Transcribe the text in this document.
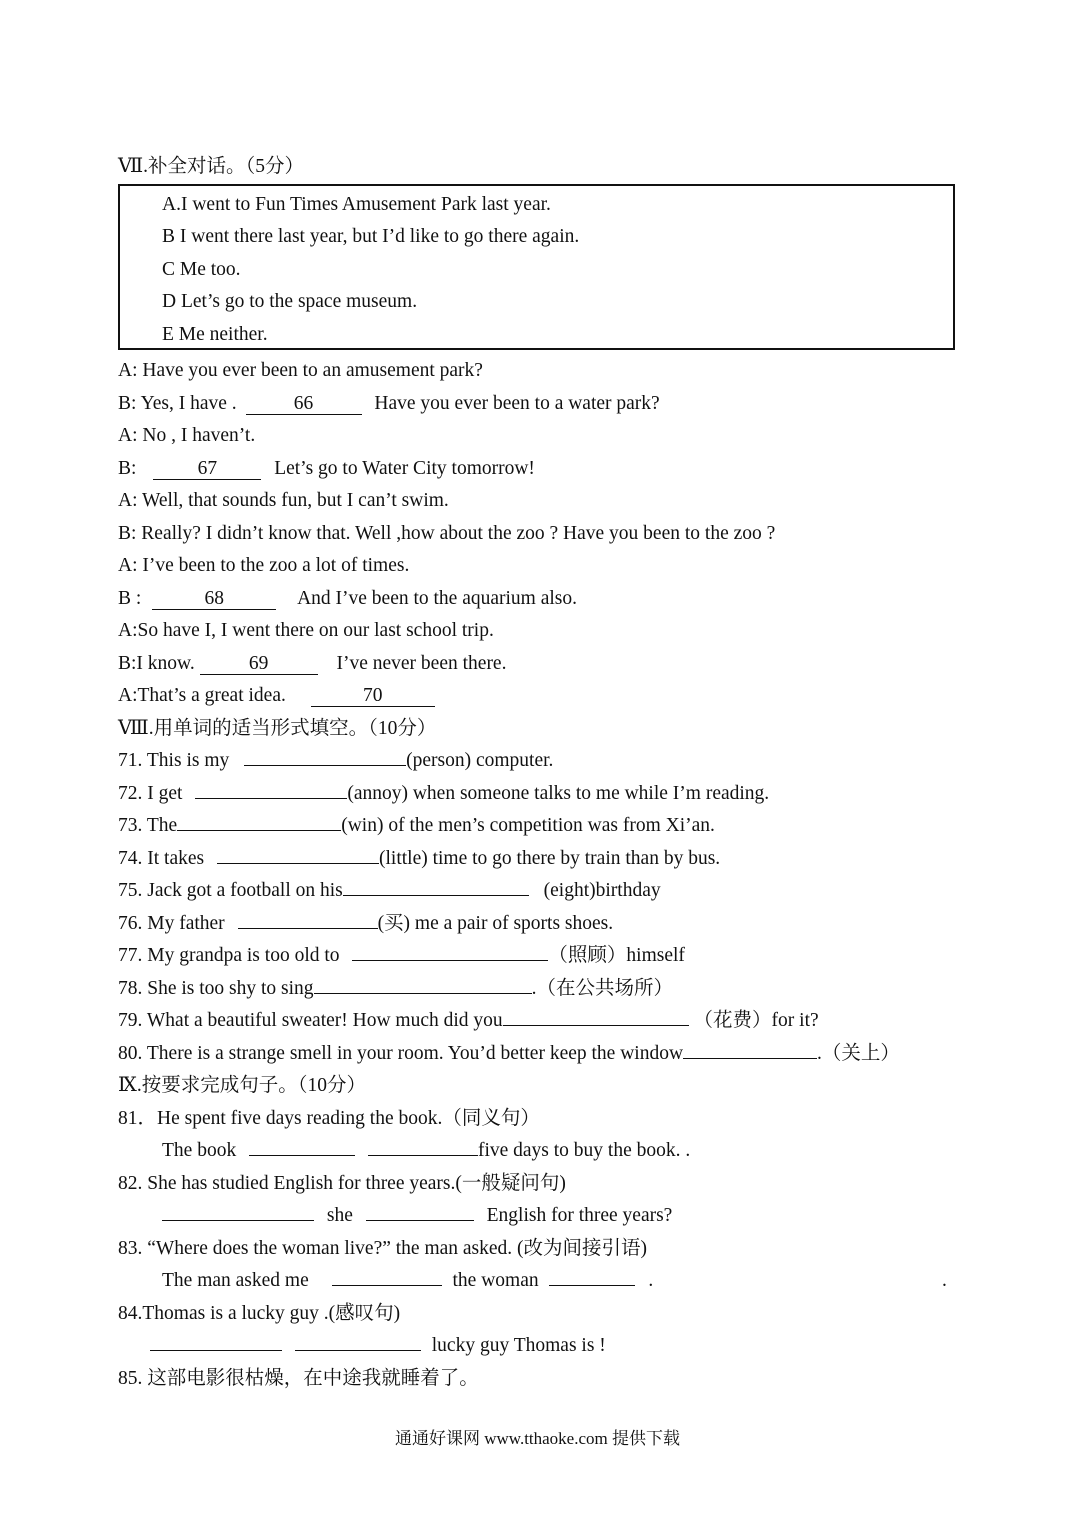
Ⅶ.补全对话。（5分）
A.I went to Fun Times Amusement Park last year.
B I went there last year, but I’d like to go there again.
C Me too.
D Let’s go to the space museum.
E Me neither.
A: Have you ever been to an amusement park?
B: Yes, I have .	66	Have you ever been to a water park?
A: No , I haven’t.
B:	67	Let’s go to Water City tomorrow!
A: Well, that sounds fun, but I can’t swim.
B: Really? I didn’t know that. Well ,how about the zoo ? Have you been to the zoo ?
A: I’ve been to the zoo a lot of times.
B :	68	And I’ve been to the aquarium also.
A:So have I, I went there on our last school trip.
B:I know.	69	I’ve never been there.
A:That’s a great idea.	70
Ⅷ.用单词的适当形式填空。（10分）
71. This is my	(person) computer.
72. I get	(annoy) when someone talks to me while I’m reading.
73. The	(win) of the men’s competition was from Xi’an.
74. It takes	(little) time to go there by train than by bus.
75. Jack got a football on his	(eight)birthday
76. My father	(买) me a pair of sports shoes.
77. My grandpa is too old to	（照顾）himself
78. She is too shy to sing	.（在公共场所）
79. What a beautiful sweater! How much did you	（花费）for it?
80. There is a strange smell in your room. You’d better keep the window	.（关上）
Ⅸ.按要求完成句子。（10分）
81．He spent five days reading the book.（同义句）
The book	five days to buy the book. .
82. She has studied English for three years.(一般疑问句)
she	English for three years?
83. “Where does the woman live?” the man asked. (改为间接引语)
The man asked me	the woman	.	.
84.Thomas is a lucky guy .(感叹句)
lucky guy Thomas is !
85. 这部电影很枯燥，在中途我就睡着了。
通通好课网 www.tthaoke.com 提供下载
